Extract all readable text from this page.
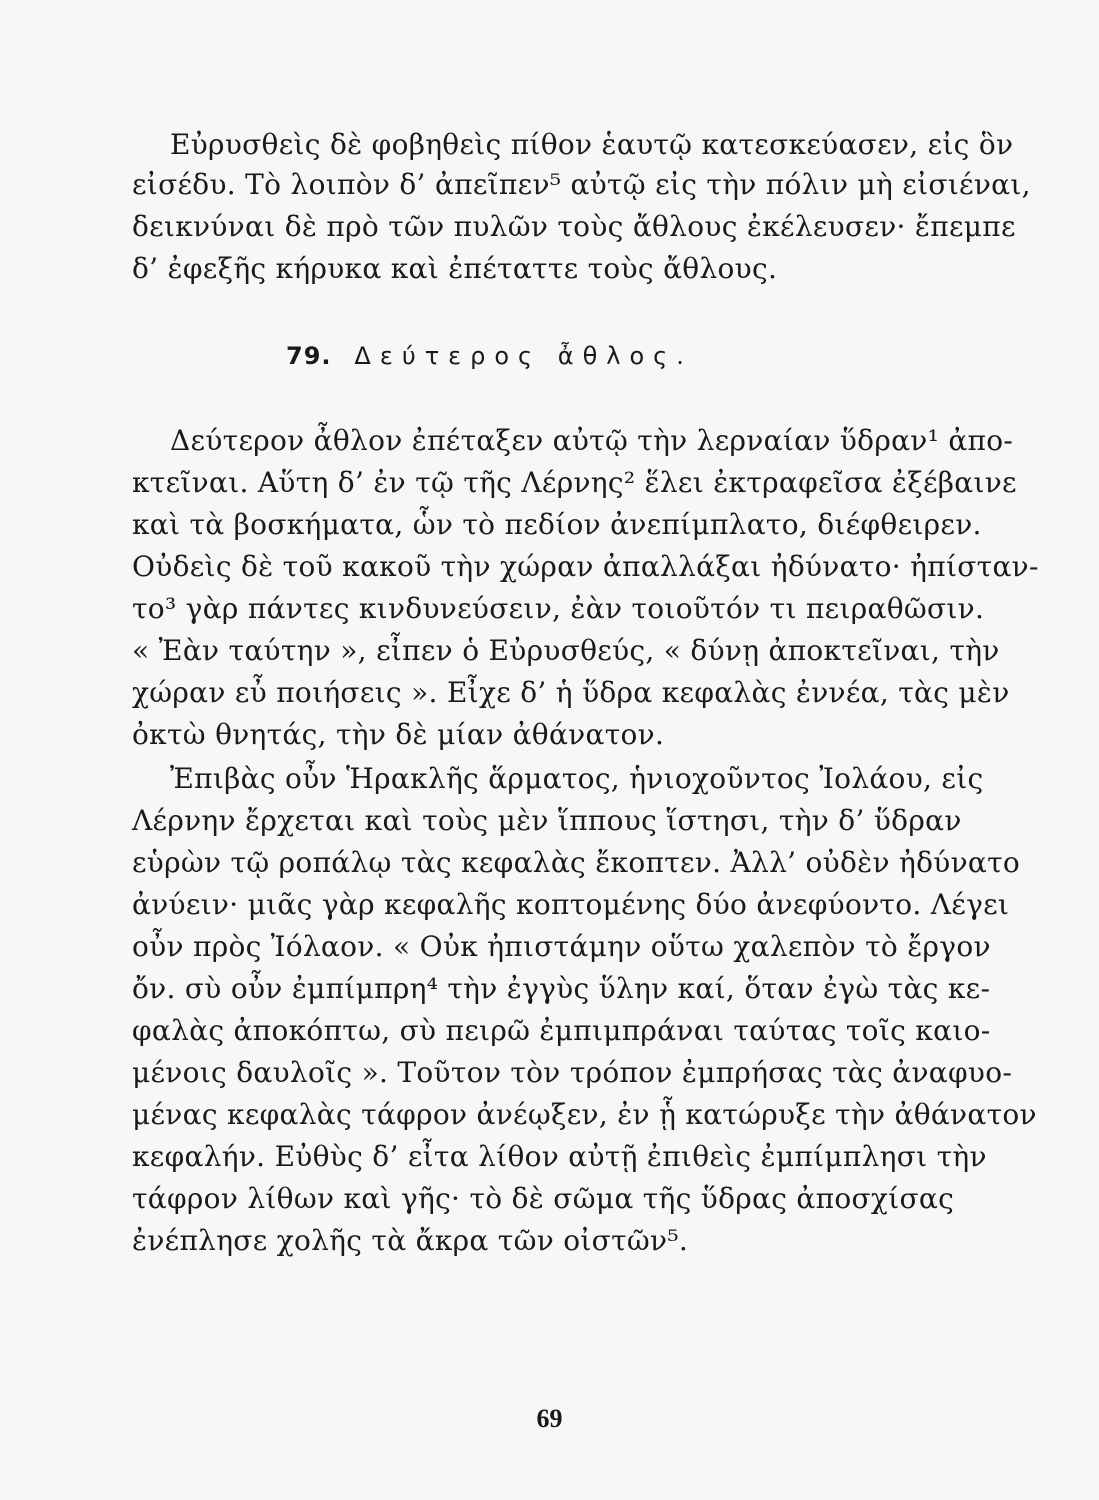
Εὐρυσθεὶς δὲ φοβηθεὶς πίθον ἑαυτῷ κατεσκεύασεν, εἰς ὃν
εἰσέδυ. Τὸ λοιπὸν δ’ ἀπεῖπεν⁵ αὐτῷ εἰς τὴν πόλιν μὴ εἰσιέναι,
δεικνύναι δὲ πρὸ τῶν πυλῶν τοὺς ἄθλους ἐκέλευσεν· ἔπεμπε
δ’ ἐφεξῆς κήρυκα καὶ ἐπέταττε τοὺς ἄθλους.
79. Δεύτερος ἆθλος.
Δεύτερον ἆθλον ἐπέταξεν αὐτῷ τὴν λερναίαν ὕδραν¹ ἀπο-
κτεῖναι. Αὕτη δ’ ἐν τῷ τῆς Λέρνης² ἕλει ἐκτραφεῖσα ἐξέβαινε
καὶ τὰ βοσκήματα, ὧν τὸ πεδίον ἀνεπίμπλατο, διέφθειρεν.
Οὐδεὶς δὲ τοῦ κακοῦ τὴν χώραν ἀπαλλάξαι ἠδύνατο· ἠπίσταν-
το³ γὰρ πάντες κινδυνεύσειν, ἐὰν τοιοῦτόν τι πειραθῶσιν.
« Ἐὰν ταύτην », εἶπεν ὁ Εὐρυσθεύς, « δύνῃ ἀποκτεῖναι, τὴν
χώραν εὖ ποιήσεις ». Εἶχε δ’ ἡ ὕδρα κεφαλὰς ἐννέα, τὰς μὲν
ὀκτὼ θνητάς, τὴν δὲ μίαν ἀθάνατον.
Ἐπιβὰς οὖν Ἡρακλῆς ἅρματος, ἡνιοχοῦντος Ἰολάου, εἰς
Λέρνην ἔρχεται καὶ τοὺς μὲν ἵππους ἵστησι, τὴν δ’ ὕδραν
εὑρὼν τῷ ροπάλῳ τὰς κεφαλὰς ἔκοπτεν. Ἀλλ’ οὐδὲν ἠδύνατο
ἀνύειν· μιᾶς γὰρ κεφαλῆς κοπτομένης δύο ἀνεφύοντο. Λέγει
οὖν πρὸς Ἰόλαον. « Οὐκ ἠπιστάμην οὕτω χαλεπὸν τὸ ἔργον
ὄν. σὺ οὖν ἐμπίμπρη⁴ τὴν ἐγγὺς ὕλην καί, ὅταν ἐγὼ τὰς κε-
φαλὰς ἀποκόπτω, σὺ πειρῶ ἐμπιμπράναι ταύτας τοῖς καιο-
μένοις δαυλοῖς ». Τοῦτον τὸν τρόπον ἐμπρήσας τὰς ἀναφυο-
μένας κεφαλὰς τάφρον ἀνέῳξεν, ἐν ᾗ κατώρυξε τὴν ἀθάνατον
κεφαλήν. Εὐθὺς δ’ εἶτα λίθον αὐτῇ ἐπιθεὶς ἐμπίμπλησι τὴν
τάφρον λίθων καὶ γῆς· τὸ δὲ σῶμα τῆς ὕδρας ἀποσχίσας
ἐνέπλησε χολῆς τὰ ἄκρα τῶν οἰστῶν⁵.
69
